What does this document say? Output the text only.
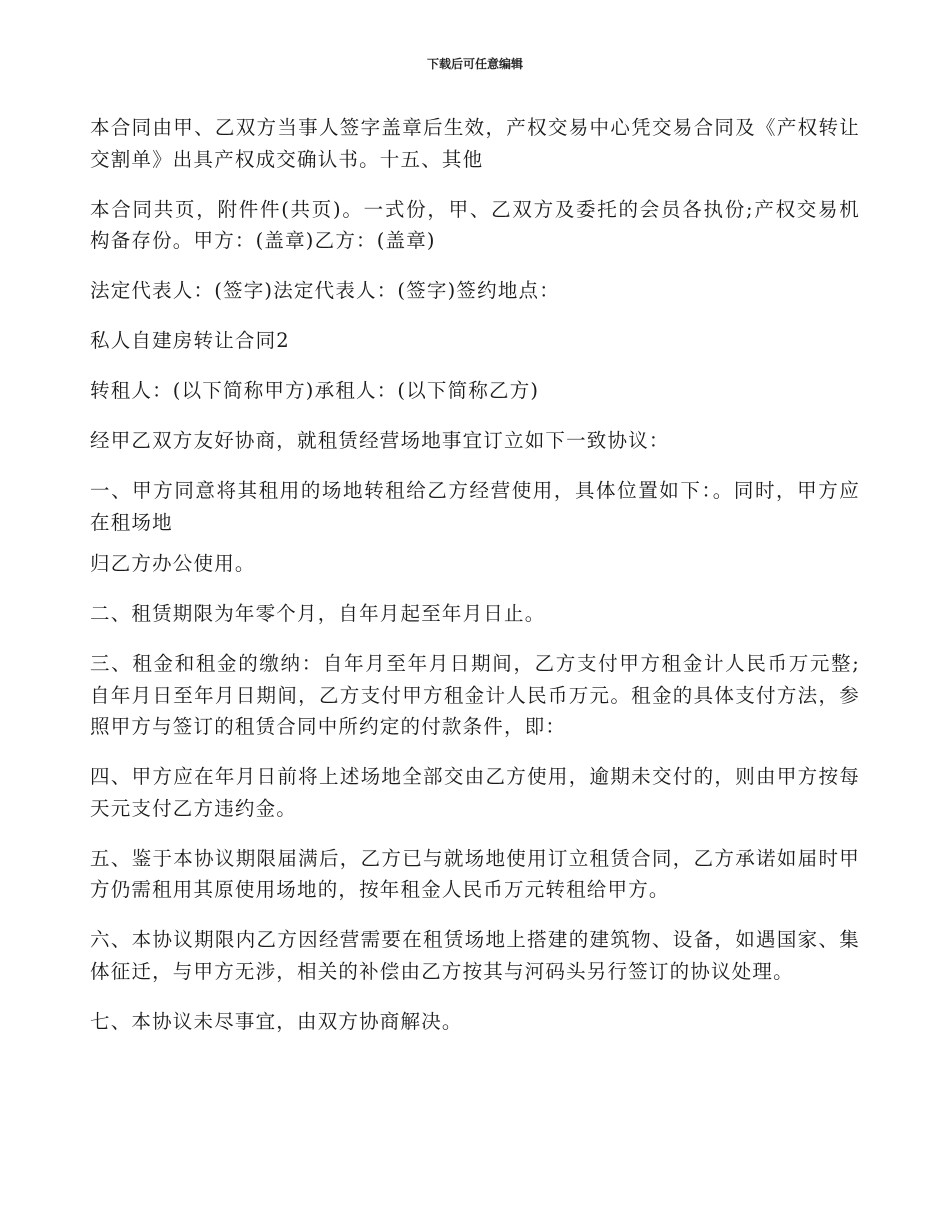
下载后可任意编辑

本合同由甲、乙双方当事人签字盖章后生效，产权交易中心凭交易合同及《产权转让交割单》出具产权成交确认书。十五、其他

本合同共页，附件件(共页)。一式份，甲、乙双方及委托的会员各执份;产权交易机构备存份。甲方：(盖章)乙方：(盖章)

法定代表人：(签字)法定代表人：(签字)签约地点：

私人自建房转让合同2

转租人：(以下简称甲方)承租人：(以下简称乙方)

经甲乙双方友好协商，就租赁经营场地事宜订立如下一致协议：

一、甲方同意将其租用的场地转租给乙方经营使用，具体位置如下：。同时，甲方应在租场地

归乙方办公使用。

二、租赁期限为年零个月，自年月起至年月日止。

三、租金和租金的缴纳：自年月至年月日期间，乙方支付甲方租金计人民币万元整;自年月日至年月日期间，乙方支付甲方租金计人民币万元。租金的具体支付方法，参照甲方与签订的租赁合同中所约定的付款条件，即：

四、甲方应在年月日前将上述场地全部交由乙方使用，逾期未交付的，则由甲方按每天元支付乙方违约金。

五、鉴于本协议期限届满后，乙方已与就场地使用订立租赁合同，乙方承诺如届时甲方仍需租用其原使用场地的，按年租金人民币万元转租给甲方。

六、本协议期限内乙方因经营需要在租赁场地上搭建的建筑物、设备，如遇国家、集体征迁，与甲方无涉，相关的补偿由乙方按其与河码头另行签订的协议处理。

七、本协议未尽事宜，由双方协商解决。
